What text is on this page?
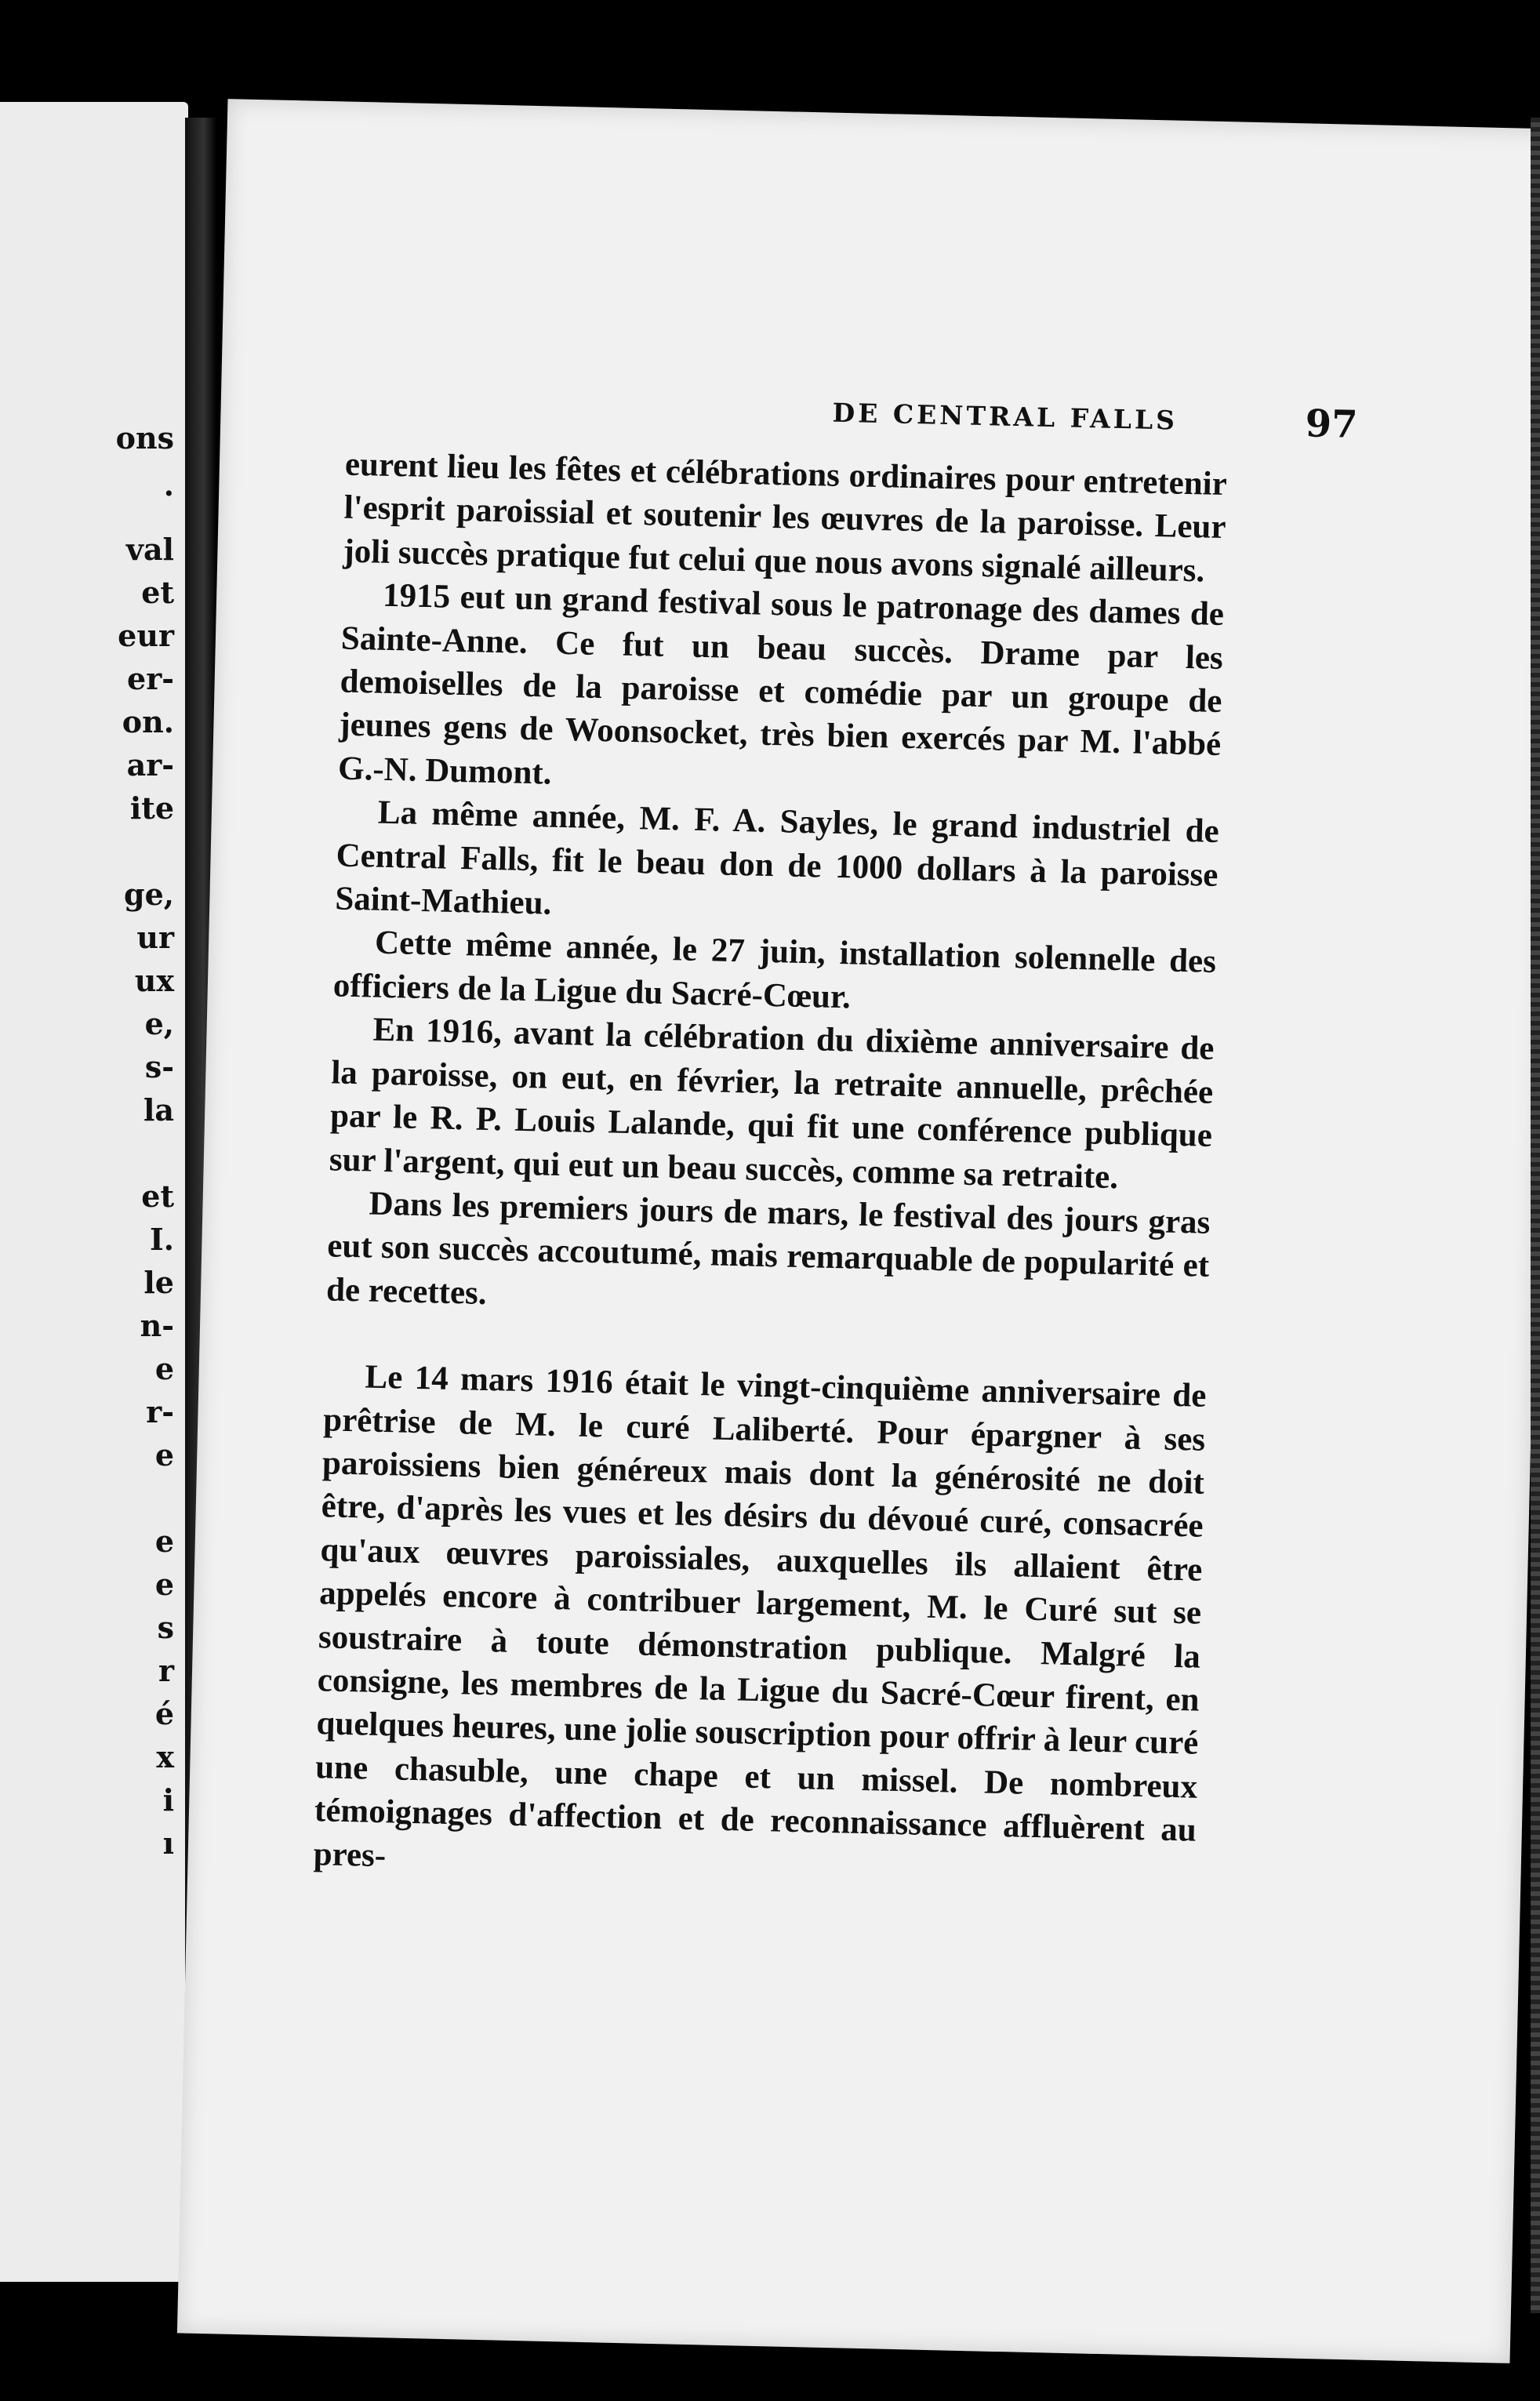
ons
.
val
et
eur
er-
on.
ar-
ite
ge,
ur
ux
e,
s-
la
et
I.
le
n-
e
r-
e
e
e
s
r
é
x
i
ı
DE CENTRAL FALLS	97

eurent lieu les fêtes et célébrations ordinaires pour entretenir l'esprit paroissial et soutenir les œuvres de la paroisse. Leur joli succès pratique fut celui que nous avons signalé ailleurs.

1915 eut un grand festival sous le patronage des dames de Sainte-Anne. Ce fut un beau succès. Drame par les demoiselles de la paroisse et comédie par un groupe de jeunes gens de Woonsocket, très bien exercés par M. l'abbé G.-N. Dumont.

La même année, M. F. A. Sayles, le grand industriel de Central Falls, fit le beau don de 1000 dollars à la paroisse Saint-Mathieu.

Cette même année, le 27 juin, installation solennelle des officiers de la Ligue du Sacré-Cœur.

En 1916, avant la célébration du dixième anniversaire de la paroisse, on eut, en février, la retraite annuelle, prêchée par le R. P. Louis Lalande, qui fit une conférence publique sur l'argent, qui eut un beau succès, comme sa retraite.

Dans les premiers jours de mars, le festival des jours gras eut son succès accoutumé, mais remarquable de popularité et de recettes.

Le 14 mars 1916 était le vingt-cinquième anniversaire de prêtrise de M. le curé Laliberté. Pour épargner à ses paroissiens bien généreux mais dont la générosité ne doit être, d'après les vues et les désirs du dévoué curé, consacrée qu'aux œuvres paroissiales, auxquelles ils allaient être appelés encore à contribuer largement, M. le Curé sut se soustraire à toute démonstration publique. Malgré la consigne, les membres de la Ligue du Sacré-Cœur firent, en quelques heures, une jolie souscription pour offrir à leur curé une chasuble, une chape et un missel. De nombreux témoignages d'affection et de reconnaissance affluèrent au pres-
